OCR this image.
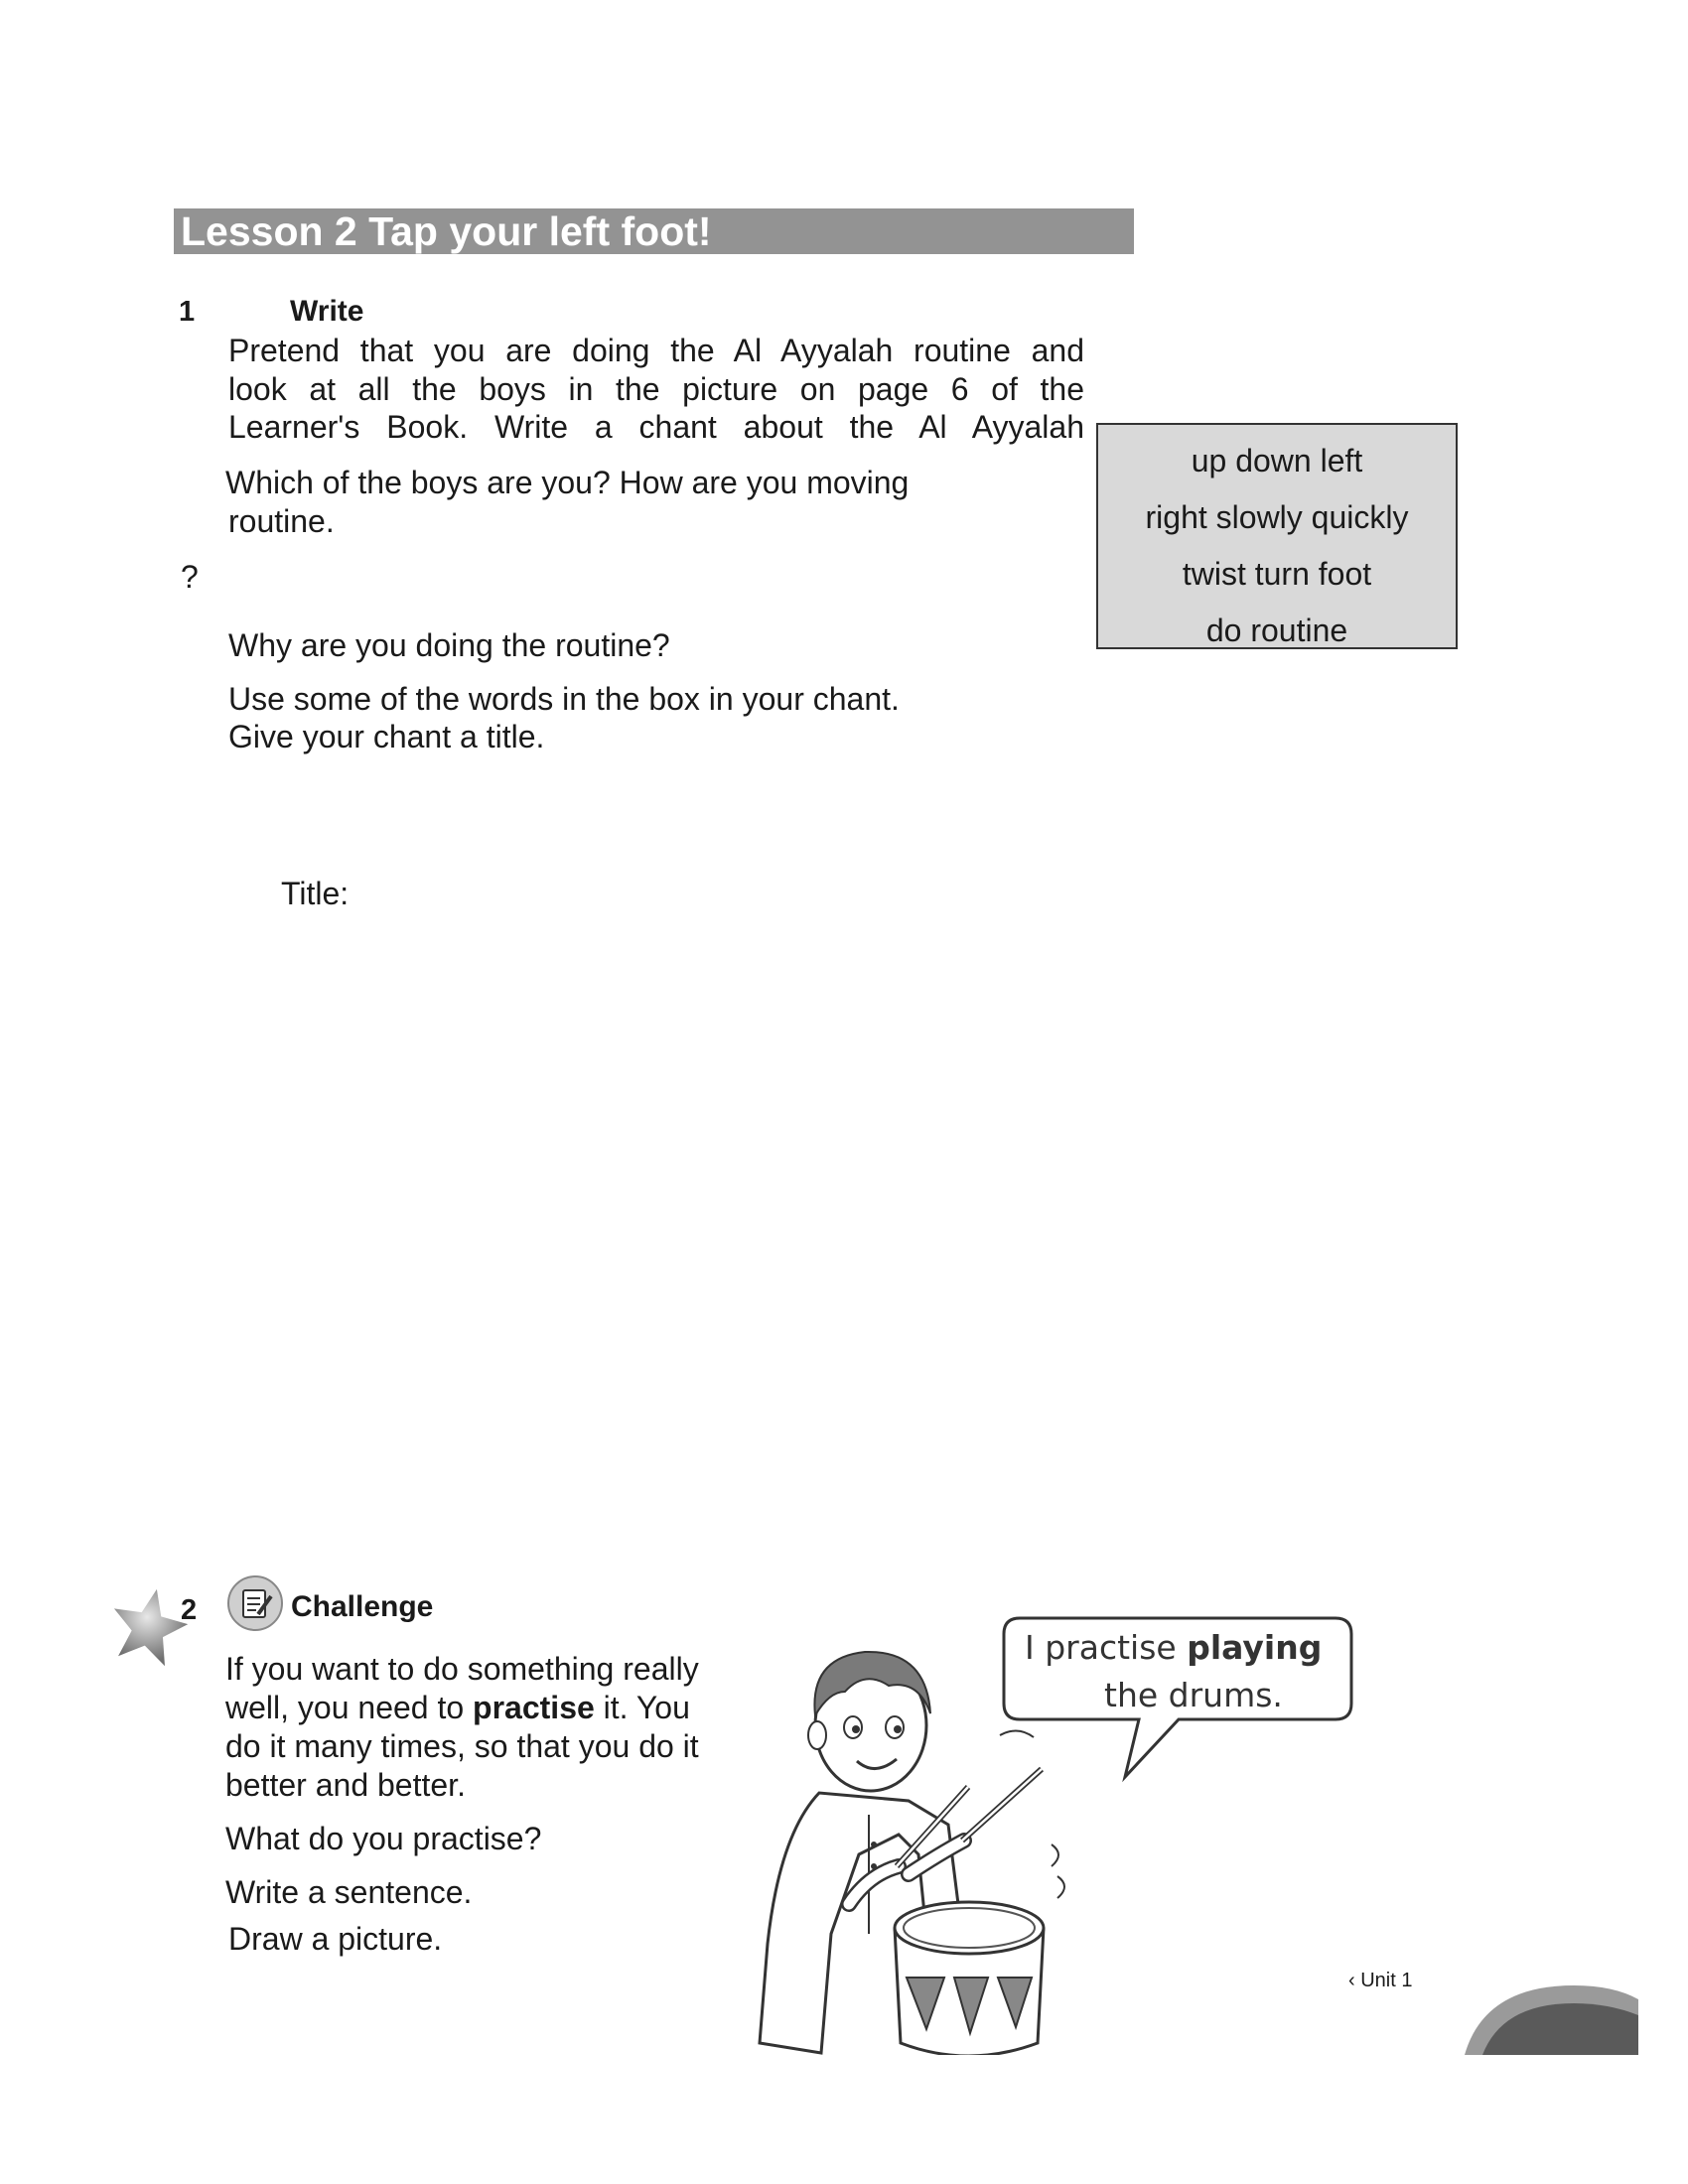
Lesson 2 Tap your left foot!
1	Write
Pretend that you are doing the Al Ayyalah routine and
look at all the boys in the picture on page 6 of the
Learner's Book. Write a chant about the Al Ayyalah
Which of the boys are you? How are you moving
routine.
?
Why are you doing the routine?
Use some of the words in the box in your chant.
Give your chant a title.
Title:
up down left
right slowly quickly
twist turn foot
do routine
2	Challenge
If you want to do something really
well, you need to practise it. You
do it many times, so that you do it
better and better.
What do you practise?
Write a sentence.
Draw a picture.
I practise playing
the drums.
‹ Unit 1
